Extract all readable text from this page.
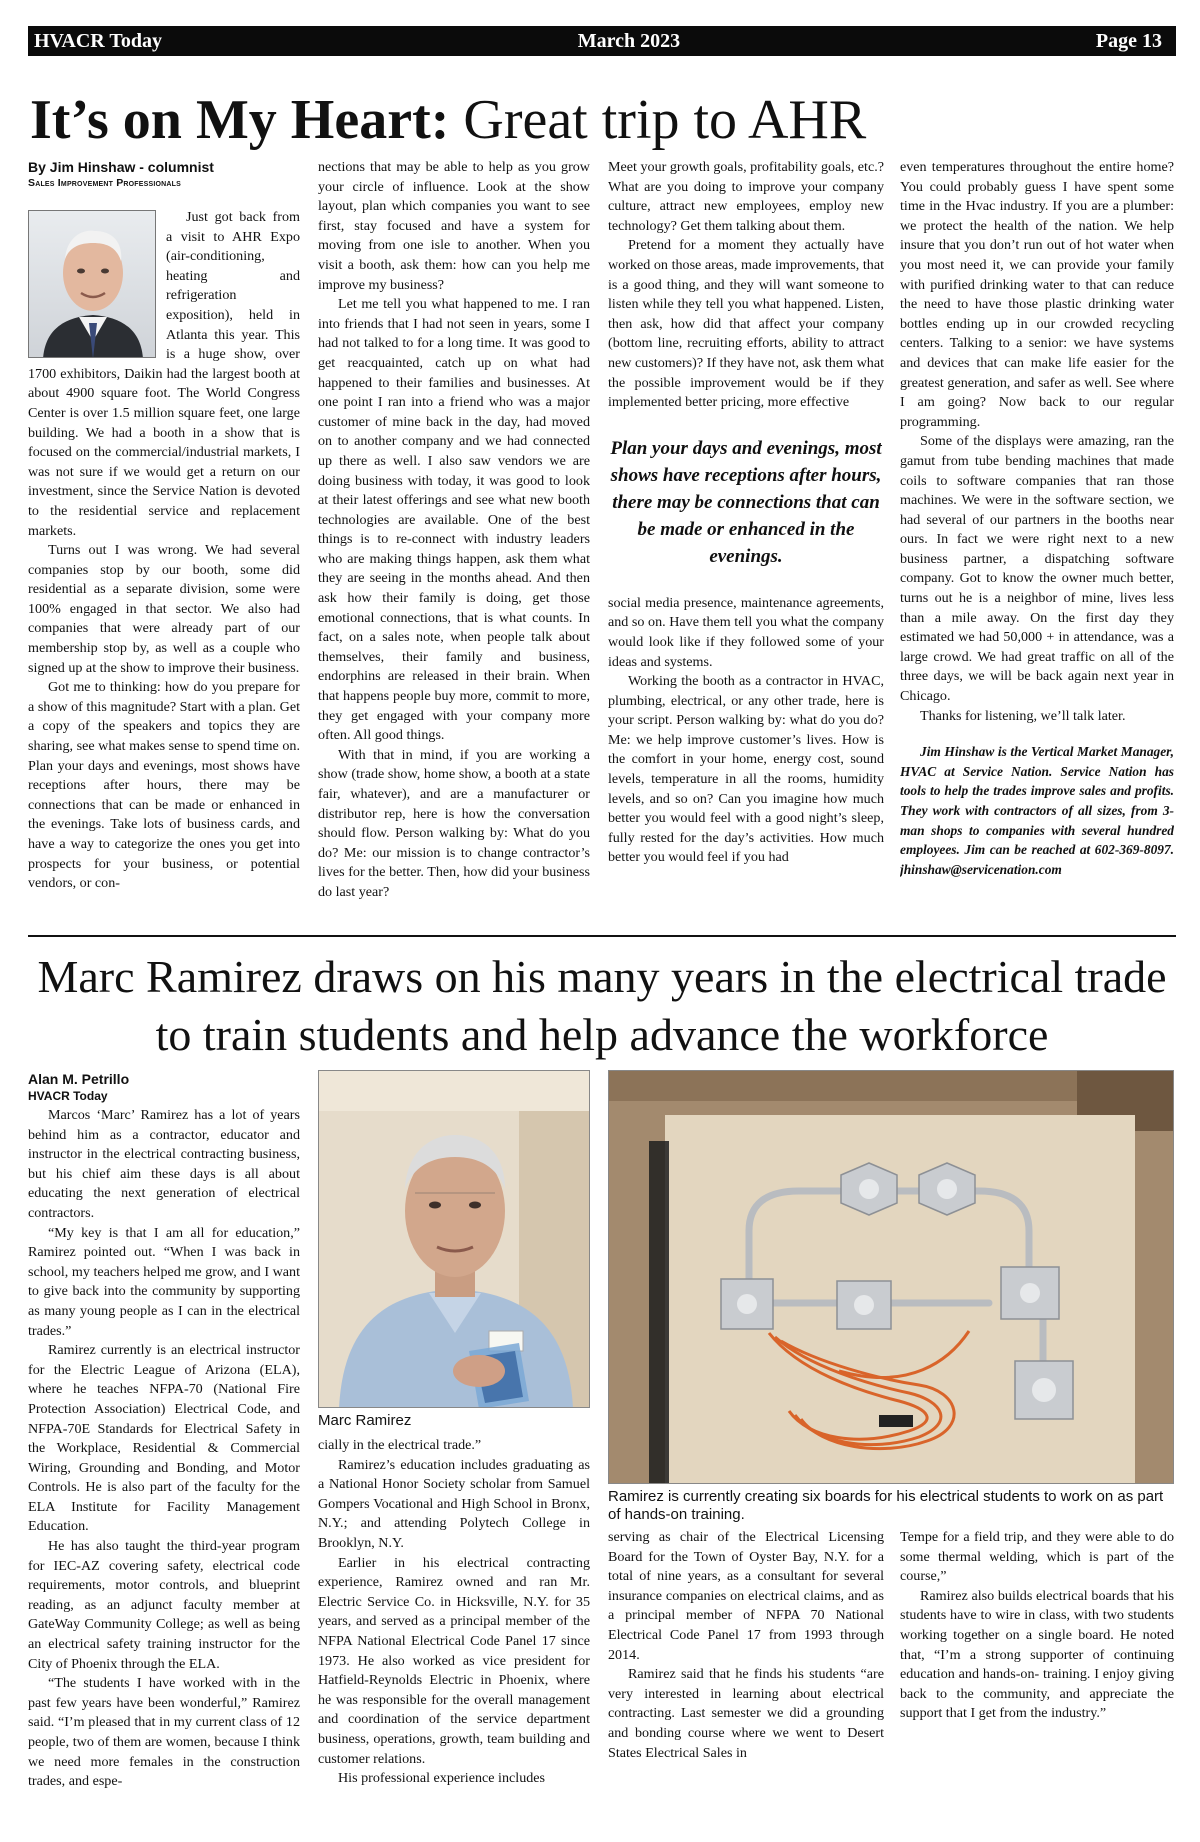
HVACR Today	March 2023	Page 13
It’s on My Heart: Great trip to AHR
By Jim Hinshaw - columnist
Sales Improvement Professionals

Just got back from a visit to AHR Expo (air-conditioning, heating and refrigeration exposition), held in Atlanta this year. This is a huge show, over 1700 exhibitors, Daikin had the largest booth at about 4900 square foot. The World Congress Center is over 1.5 million square feet, one large building. We had a booth in a show that is focused on the commercial/industrial markets, I was not sure if we would get a return on our investment, since the Service Nation is devoted to the residential service and replacement markets.

Turns out I was wrong. We had several companies stop by our booth, some did residential as a separate division, some were 100% engaged in that sector. We also had companies that were already part of our membership stop by, as well as a couple who signed up at the show to improve their business.

Got me to thinking: how do you prepare for a show of this magnitude? Start with a plan. Get a copy of the speakers and topics they are sharing, see what makes sense to spend time on. Plan your days and evenings, most shows have receptions after hours, there may be connections that can be made or enhanced in the evenings. Take lots of business cards, and have a way to categorize the ones you get into prospects for your business, or potential vendors, or con-

nections that may be able to help as you grow your circle of influence. Look at the show layout, plan which companies you want to see first, stay focused and have a system for moving from one isle to another. When you visit a booth, ask them: how can you help me improve my business?

Let me tell you what happened to me. I ran into friends that I had not seen in years, some I had not talked to for a long time. It was good to get reacquainted, catch up on what had happened to their families and businesses. At one point I ran into a friend who was a major customer of mine back in the day, had moved on to another company and we had connected up there as well. I also saw vendors we are doing business with today, it was good to look at their latest offerings and see what new booth technologies are available. One of the best things is to re-connect with industry leaders who are making things happen, ask them what they are seeing in the months ahead. And then ask how their family is doing, get those emotional connections, that is what counts. In fact, on a sales note, when people talk about themselves, their family and business, endorphins are released in their brain. When that happens people buy more, commit to more, they get engaged with your company more often. All good things.

With that in mind, if you are working a show (trade show, home show, a booth at a state fair, whatever), and are a manufacturer or distributor rep, here is how the conversation should flow. Person walking by: What do you do? Me: our mission is to change contractor’s lives for the better. Then, how did your business do last year?

Meet your growth goals, profitability goals, etc.? What are you doing to improve your company culture, attract new employees, employ new technology? Get them talking about them.

Pretend for a moment they actually have worked on those areas, made improvements, that is a good thing, and they will want someone to listen while they tell you what happened. Listen, then ask, how did that affect your company (bottom line, recruiting efforts, ability to attract new customers)? If they have not, ask them what the possible improvement would be if they implemented better pricing, more effective

Plan your days and evenings, most shows have receptions after hours, there may be connections that can be made or enhanced in the evenings.

social media presence, maintenance agreements, and so on. Have them tell you what the company would look like if they followed some of your ideas and systems.

Working the booth as a contractor in HVAC, plumbing, electrical, or any other trade, here is your script. Person walking by: what do you do? Me: we help improve customer’s lives. How is the comfort in your home, energy cost, sound levels, temperature in all the rooms, humidity levels, and so on? Can you imagine how much better you would feel with a good night’s sleep, fully rested for the day’s activities. How much better you would feel if you had

even temperatures throughout the entire home? You could probably guess I have spent some time in the Hvac industry. If you are a plumber: we protect the health of the nation. We help insure that you don’t run out of hot water when you most need it, we can provide your family with purified drinking water to that can reduce the need to have those plastic drinking water bottles ending up in our crowded recycling centers. Talking to a senior: we have systems and devices that can make life easier for the greatest generation, and safer as well. See where I am going? Now back to our regular programming.

Some of the displays were amazing, ran the gamut from tube bending machines that made coils to software companies that ran those machines. We were in the software section, we had several of our partners in the booths near ours. In fact we were right next to a new business partner, a dispatching software company. Got to know the owner much better, turns out he is a neighbor of mine, lives less than a mile away. On the first day they estimated we had 50,000 + in attendance, was a large crowd. We had great traffic on all of the three days, we will be back again next year in Chicago.

Thanks for listening, we’ll talk later.

Jim Hinshaw is the Vertical Market Manager, HVAC at Service Nation. Service Nation has tools to help the trades improve sales and profits. They work with contractors of all sizes, from 3-man shops to companies with several hundred employees. Jim can be reached at 602-369-8097. jhinshaw@servicenation.com

Marc Ramirez draws on his many years in the electrical trade to train students and help advance the workforce
Alan M. Petrillo
HVACR Today

Marcos ‘Marc’ Ramirez has a lot of years behind him as a contractor, educator and instructor in the electrical contracting business, but his chief aim these days is all about educating the next generation of electrical contractors.

“My key is that I am all for education,” Ramirez pointed out. “When I was back in school, my teachers helped me grow, and I want to give back into the community by supporting as many young people as I can in the electrical trades.”

Ramirez currently is an electrical instructor for the Electric League of Arizona (ELA), where he teaches NFPA-70 (National Fire Protection Association) Electrical Code, and NFPA-70E Standards for Electrical Safety in the Workplace, Residential & Commercial Wiring, Grounding and Bonding, and Motor Controls. He is also part of the faculty for the ELA Institute for Facility Management Education.

He has also taught the third-year program for IEC-AZ covering safety, electrical code requirements, motor controls, and blueprint reading, as an adjunct faculty member at GateWay Community College; as well as being an electrical safety training instructor for the City of Phoenix through the ELA.

“The students I have worked with in the past few years have been wonderful,” Ramirez said. “I’m pleased that in my current class of 12 people, two of them are women, because I think we need more females in the construction trades, and espe-

Marc Ramirez

cially in the electrical trade.”

Ramirez’s education includes graduating as a National Honor Society scholar from Samuel Gompers Vocational and High School in Bronx, N.Y.; and attending Polytech College in Brooklyn, N.Y.

Earlier in his electrical contracting experience, Ramirez owned and ran Mr. Electric Service Co. in Hicksville, N.Y. for 35 years, and served as a principal member of the NFPA National Electrical Code Panel 17 since 1973. He also worked as vice president for Hatfield-Reynolds Electric in Phoenix, where he was responsible for the overall management and coordination of the service department business, operations, growth, team building and customer relations.

His professional experience includes

Ramirez is currently creating six boards for his electrical students to work on as part of hands-on training.

serving as chair of the Electrical Licensing Board for the Town of Oyster Bay, N.Y. for a total of nine years, as a consultant for several insurance companies on electrical claims, and as a principal member of NFPA 70 National Electrical Code Panel 17 from 1993 through 2014.

Ramirez said that he finds his students “are very interested in learning about electrical contracting. Last semester we did a grounding and bonding course where we went to Desert States Electrical Sales in

Tempe for a field trip, and they were able to do some thermal welding, which is part of the course,”

Ramirez also builds electrical boards that his students have to wire in class, with two students working together on a single board. He noted that, “I’m a strong supporter of continuing education and hands-on- training. I enjoy giving back to the community, and appreciate the support that I get from the industry.”
